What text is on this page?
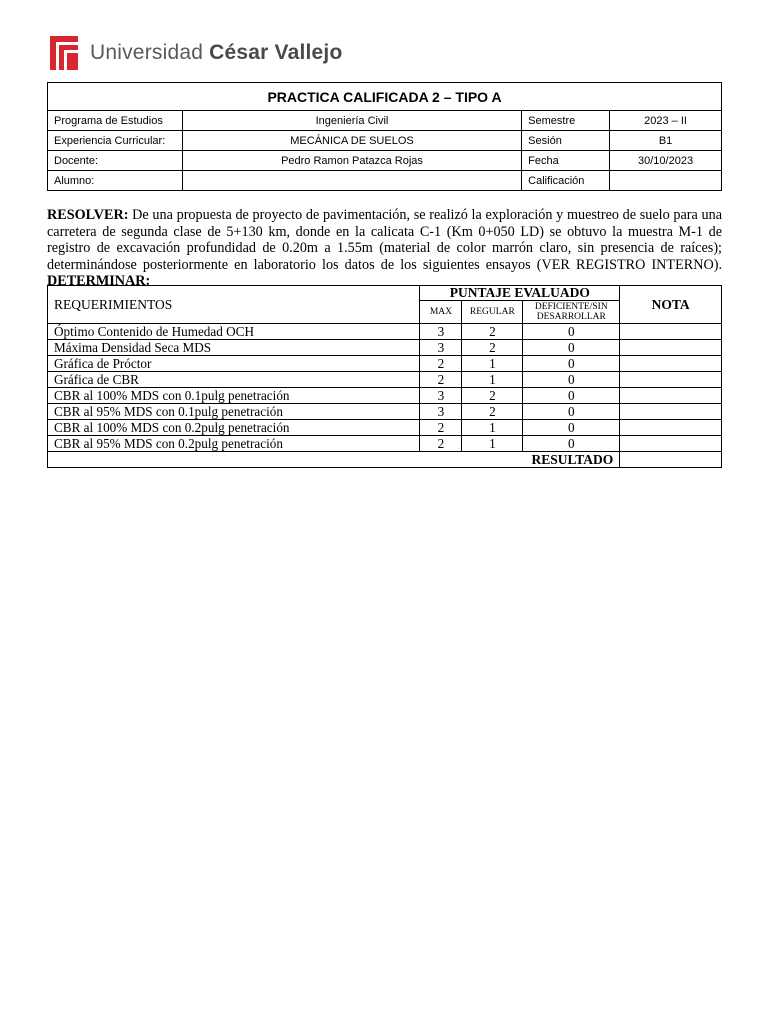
Universidad César Vallejo
PRACTICA CALIFICADA 2 – TIPO A			
Programa de Estudios	Ingeniería Civil	Semestre	2023 – II
Experiencia Curricular:	MECÁNICA DE SUELOS	Sesión	B1
Docente:	Pedro Ramon Patazca Rojas	Fecha	30/10/2023
Alumno:		Calificación	
RESOLVER: De una propuesta de proyecto de pavimentación, se realizó la exploración y muestreo de suelo para una carretera de segunda clase de 5+130 km, donde en la calicata C-1 (Km 0+050 LD) se obtuvo la muestra M-1 de registro de excavación profundidad de 0.20m a 1.55m (material de color marrón claro, sin presencia de raíces); determinándose posteriormente en laboratorio los datos de los siguientes ensayos (VER REGISTRO INTERNO). DETERMINAR:
REQUERIMIENTOS	PUNTAJE EVALUADO			NOTA
	MAX	REGULAR	DEFICIENTE/SIN DESARROLLAR	
Óptimo Contenido de Humedad OCH	3	2	0	
Máxima Densidad Seca MDS	3	2	0	
Gráfica de Próctor	2	1	0	
Gráfica de CBR	2	1	0	
CBR al 100% MDS con 0.1pulg penetración	3	2	0	
CBR al 95% MDS con 0.1pulg penetración	3	2	0	
CBR al 100% MDS con 0.2pulg penetración	2	1	0	
CBR al 95% MDS con 0.2pulg penetración	2	1	0	
RESULTADO				
